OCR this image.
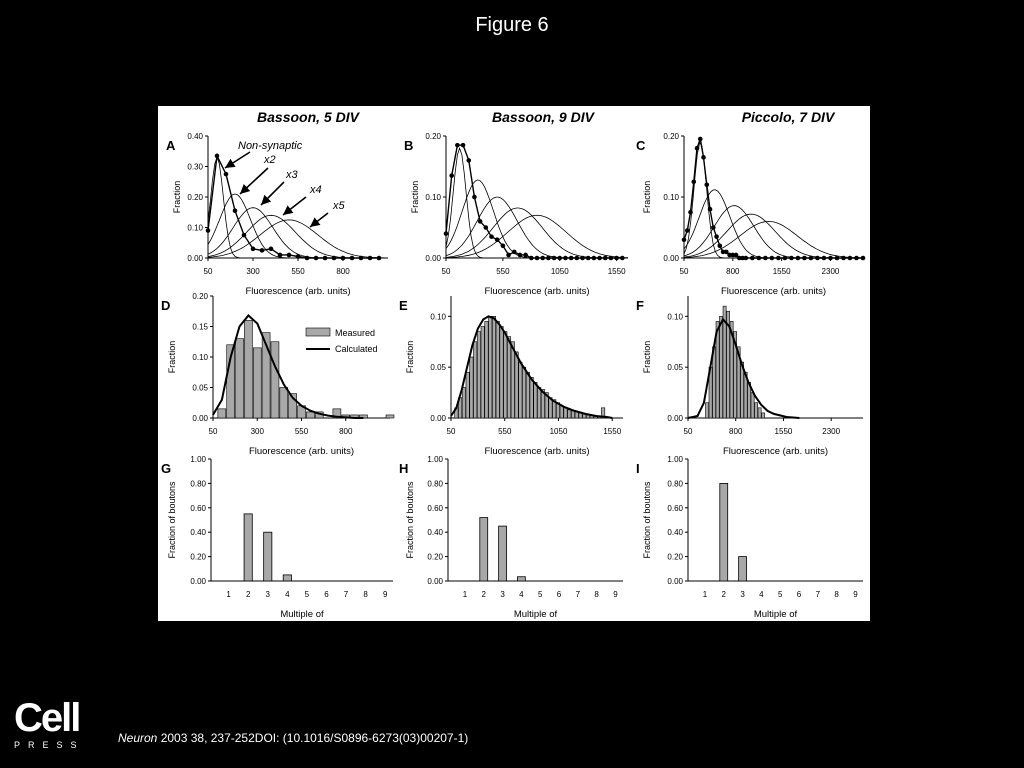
Figure 6
Bassoon, 5 DIV	Bassoon, 9 DIV	Piccolo, 7 DIV
A
0.00
0.10
0.20
0.30
0.40
Fraction
Fluorescence (arb. units)
50	300	550	800
B
0.00
0.10
0.20
Fraction
Fluorescence (arb. units)
50	550	1050	1550
C
0.00
0.10
0.20
Fraction
Fluorescence (arb. units)
50	800	1550	2300
D
0.00
0.05
0.10
0.15
0.20
Fraction
Fluorescence (arb. units)
50	300	550	800
E
0.00
0.05
0.10
Fraction
Fluorescence (arb. units)
50	550	1050	1550
F
0.00
0.05
0.10
Fraction
Fluorescence (arb. units)
50	800	1550	2300
G
0.00
0.20
0.40
0.60
0.80
1.00
Fraction of boutons
Multiple of
1 2 3 4 5 6 7 8 9
H
0.00
0.20
0.40
0.60
0.80
1.00
Fraction of boutons
Multiple of
1 2 3 4 5 6 7 8 9
I
0.00
0.20
0.40
0.60
0.80
1.00
Fraction of boutons
Multiple of
1 2 3 4 5 6 7 8 9
Non-synaptic
x2
x3
x4
x5
Measured
Calculated
Cell
PRESS	Neuron 2003 38, 237-252DOI: (10.1016/S0896-6273(03)00207-1)
